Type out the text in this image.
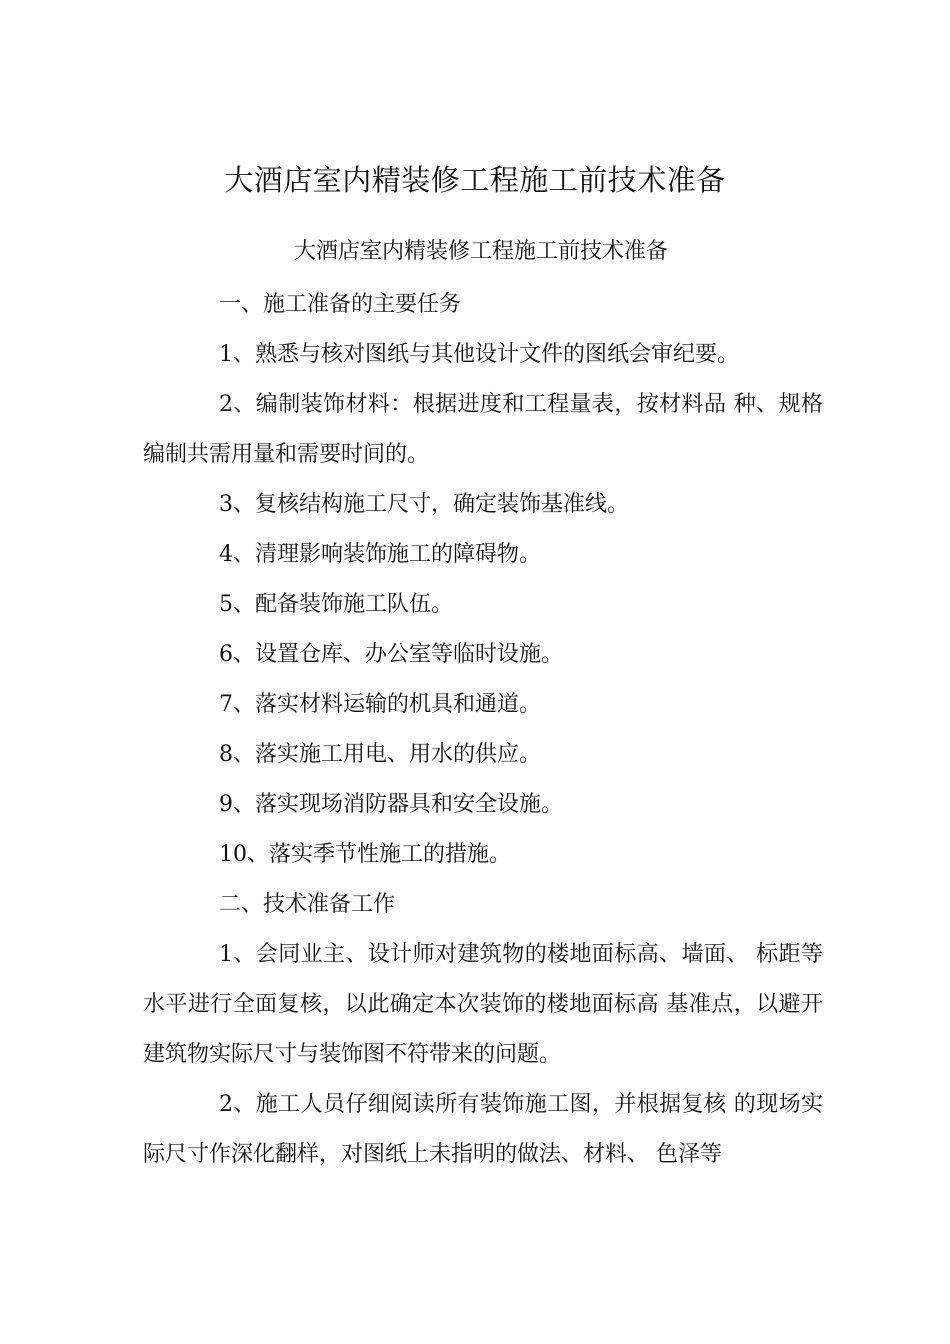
大酒店室内精装修工程施工前技术准备

大酒店室内精装修工程施工前技术准备

一、施工准备的主要任务

1、熟悉与核对图纸与其他设计文件的图纸会审纪要。

2、编制装饰材料：根据进度和工程量表，按材料品 种、规格编制共需用量和需要时间的。

3、复核结构施工尺寸，确定装饰基准线。

4、清理影响装饰施工的障碍物。

5、配备装饰施工队伍。

6、设置仓库、办公室等临时设施。

7、落实材料运输的机具和通道。

8、落实施工用电、用水的供应。

9、落实现场消防器具和安全设施。

10、落实季节性施工的措施。

二、技术准备工作

1、会同业主、设计师对建筑物的楼地面标高、墙面、 标距等水平进行全面复核，以此确定本次装饰的楼地面标高 基准点，以避开建筑物实际尺寸与装饰图不符带来的问题。

2、施工人员仔细阅读所有装饰施工图，并根据复核 的现场实际尺寸作深化翻样，对图纸上未指明的做法、材料、 色泽等
